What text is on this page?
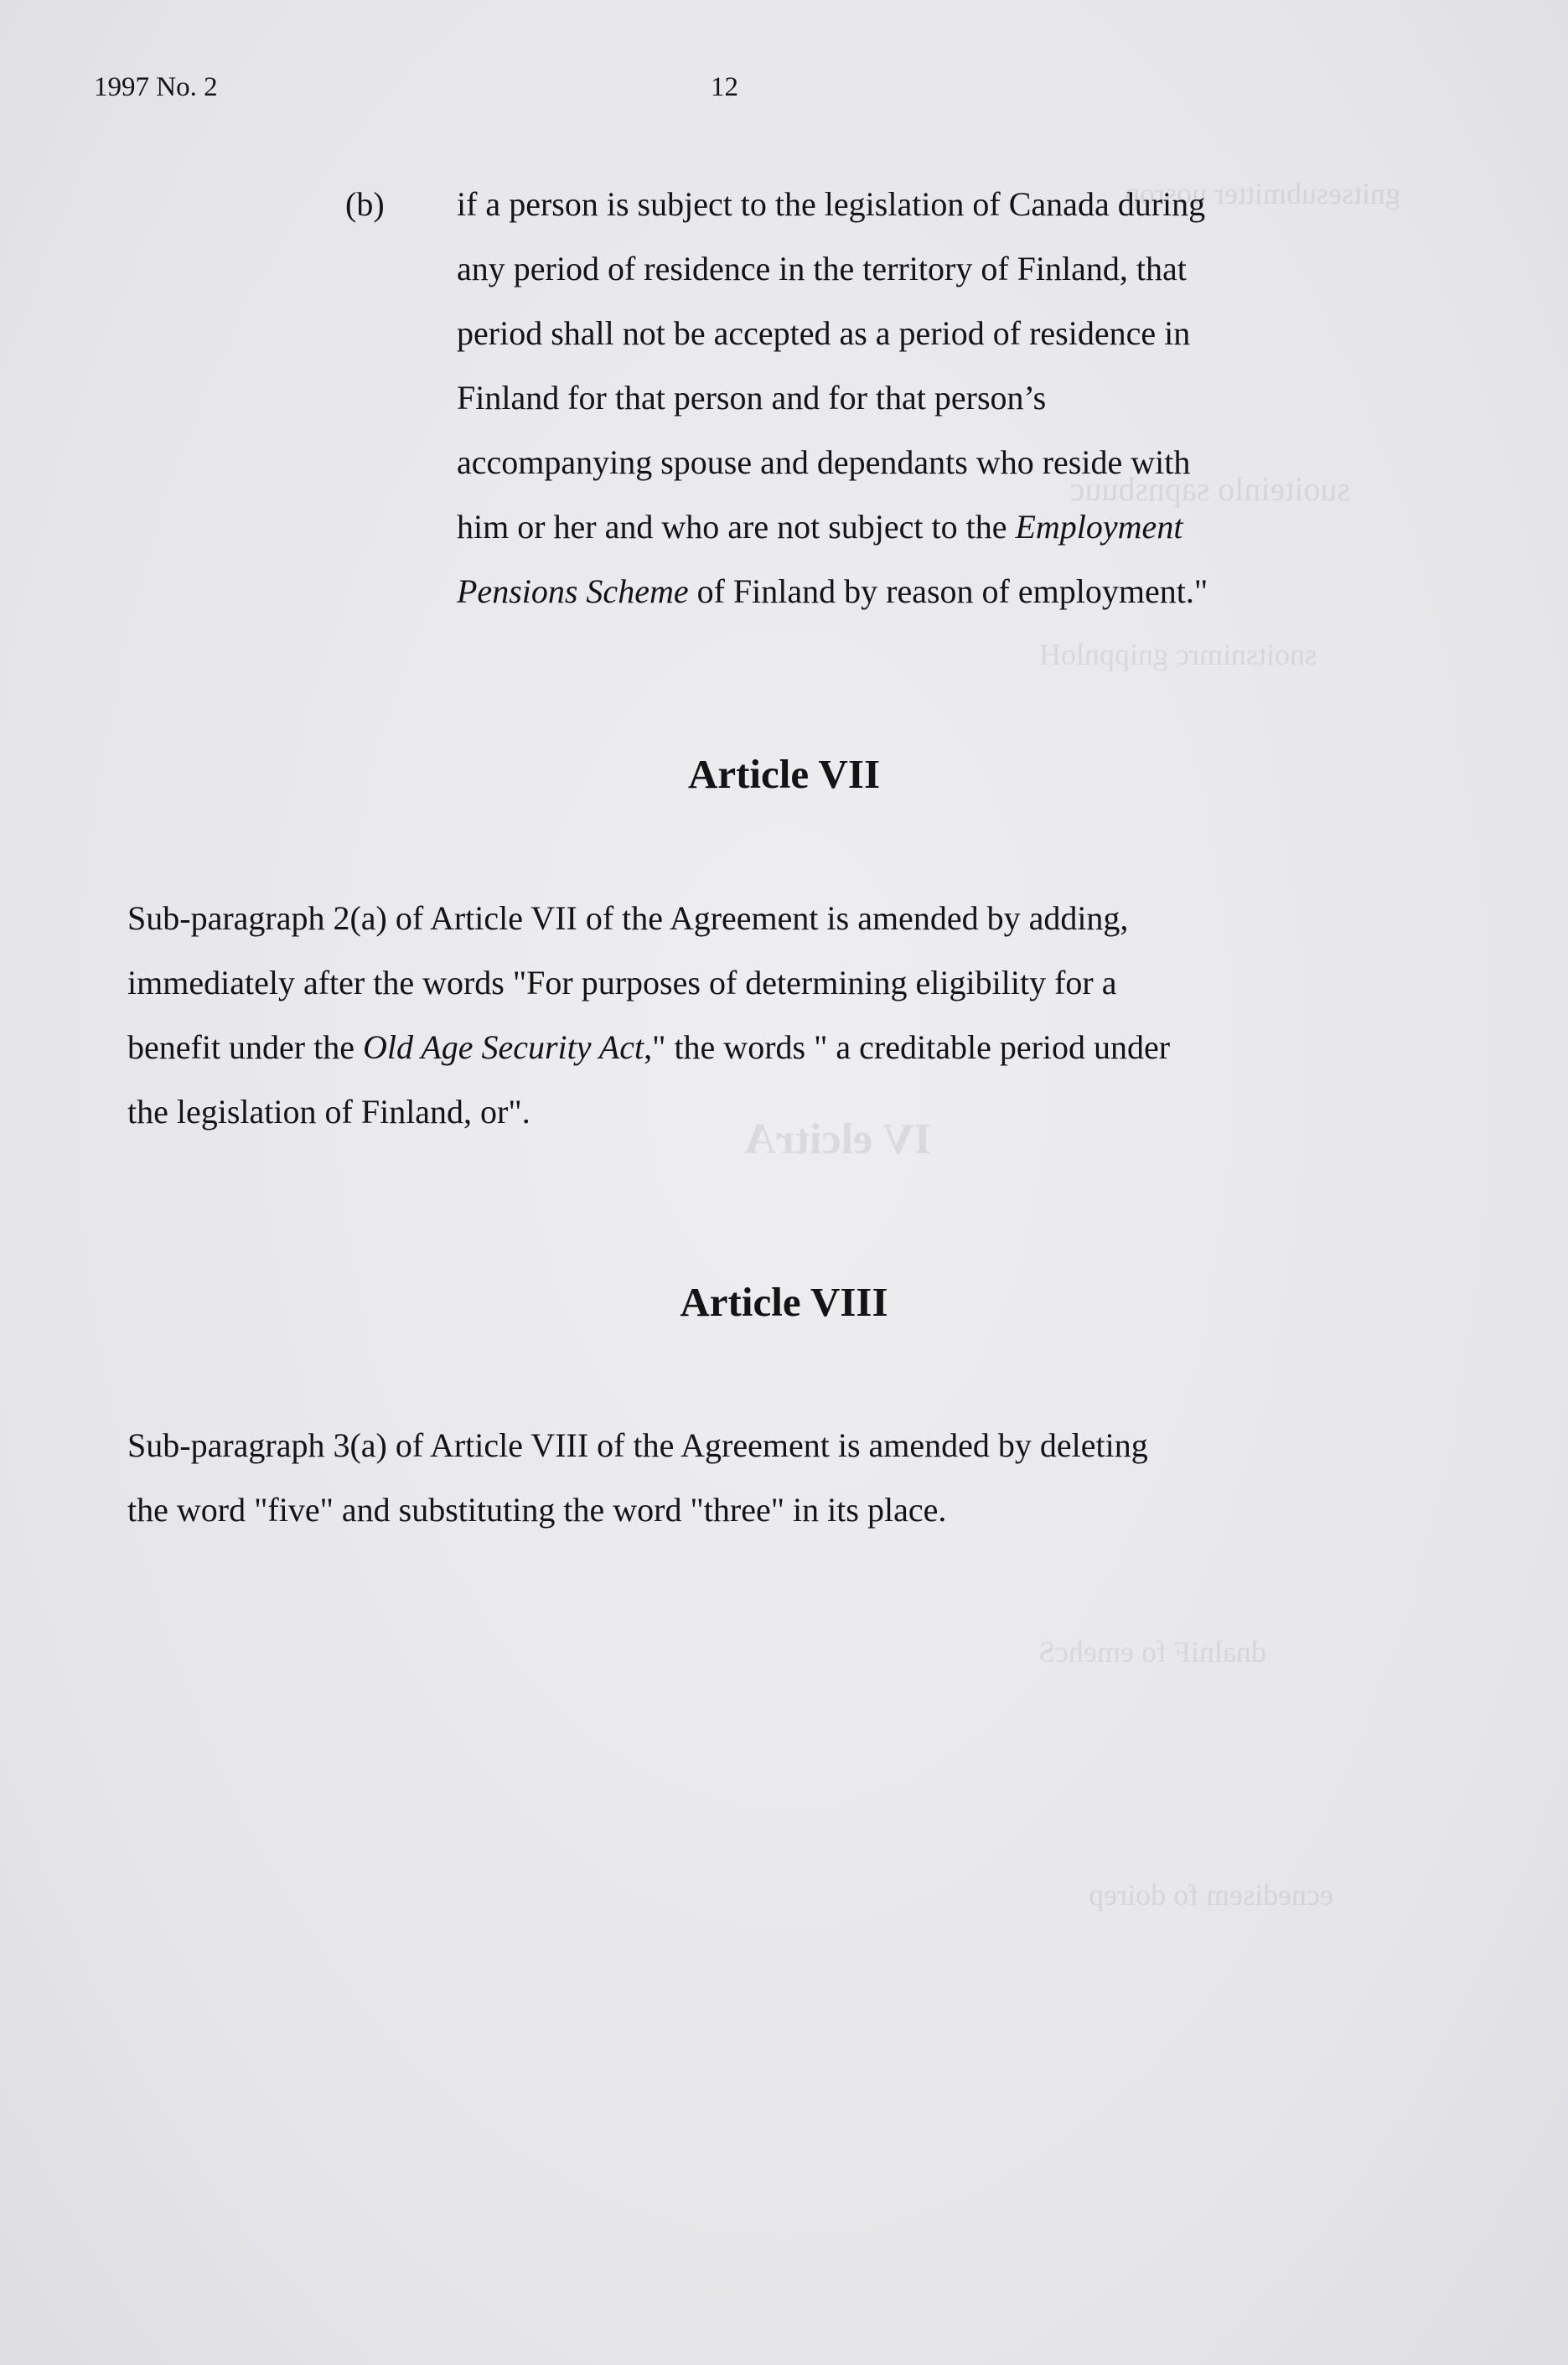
gnitsesubmitter uosrop
suoiteinlo sapnsbuuc
snoitsnimrc gnippnloH
IV elcitrA
dnalniF fo emehcS
ecnedisem fo doirep
1997 No. 2	12
(b) if a person is subject to the legislation of Canada during
any period of residence in the territory of Finland, that
period shall not be accepted as a period of residence in
Finland for that person and for that person’s
accompanying spouse and dependants who reside with
him or her and who are not subject to the Employment
Pensions Scheme of Finland by reason of employment."
Article VII
Sub-paragraph 2(a) of Article VII of the Agreement is amended by adding,
immediately after the words "For purposes of determining eligibility for a
benefit under the Old Age Security Act," the words " a creditable period under
the legislation of Finland, or".
Article VIII
Sub-paragraph 3(a) of Article VIII of the Agreement is amended by deleting
the word "five" and substituting the word "three" in its place.
